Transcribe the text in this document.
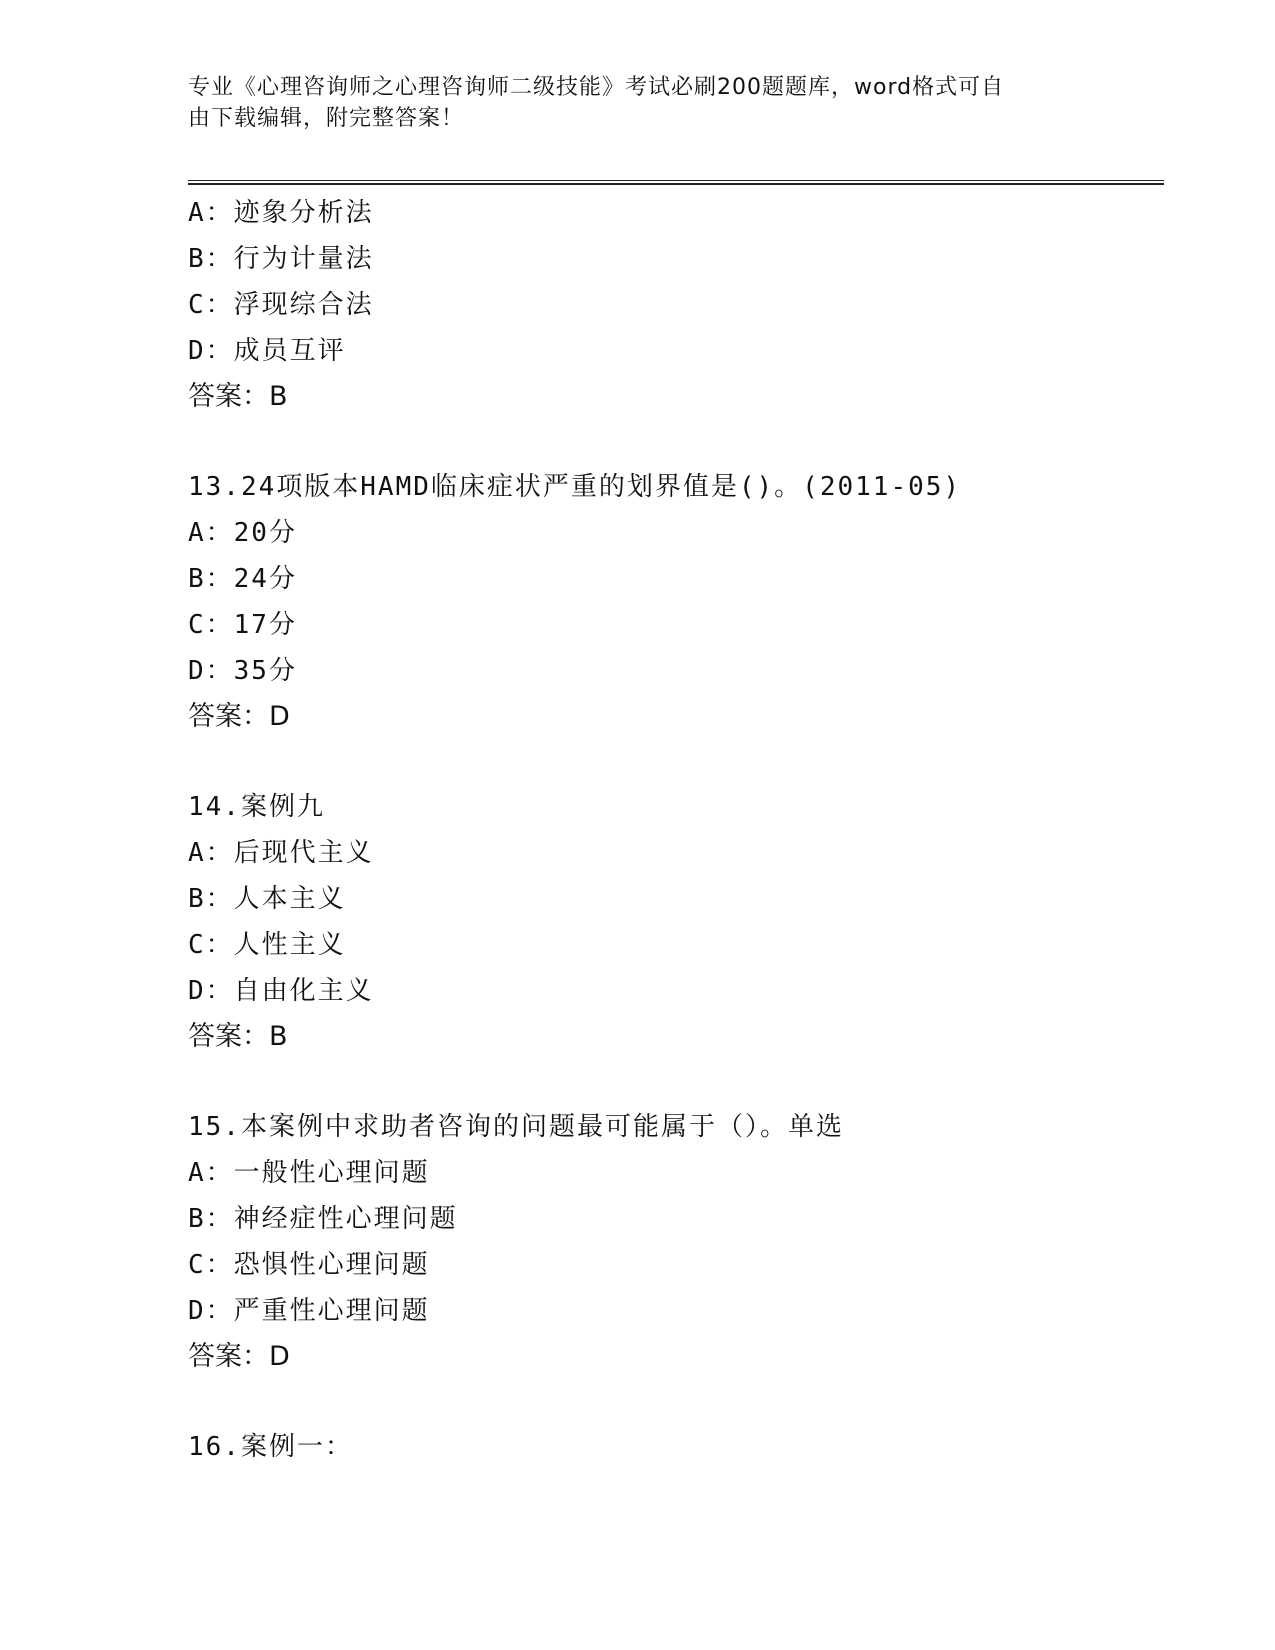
专业《心理咨询师之心理咨询师二级技能》考试必刷200题题库，word格式可自
由下载编辑，附完整答案！
A：迹象分析法
B：行为计量法
C：浮现综合法
D：成员互评
答案：B
13.24项版本HAMD临床症状严重的划界值是()。(2011-05)
A：20分
B：24分
C：17分
D：35分
答案：D
14.案例九
A：后现代主义
B：人本主义
C：人性主义
D：自由化主义
答案：B
15.本案例中求助者咨询的问题最可能属于（）。单选
A：一般性心理问题
B：神经症性心理问题
C：恐惧性心理问题
D：严重性心理问题
答案：D
16.案例一：
